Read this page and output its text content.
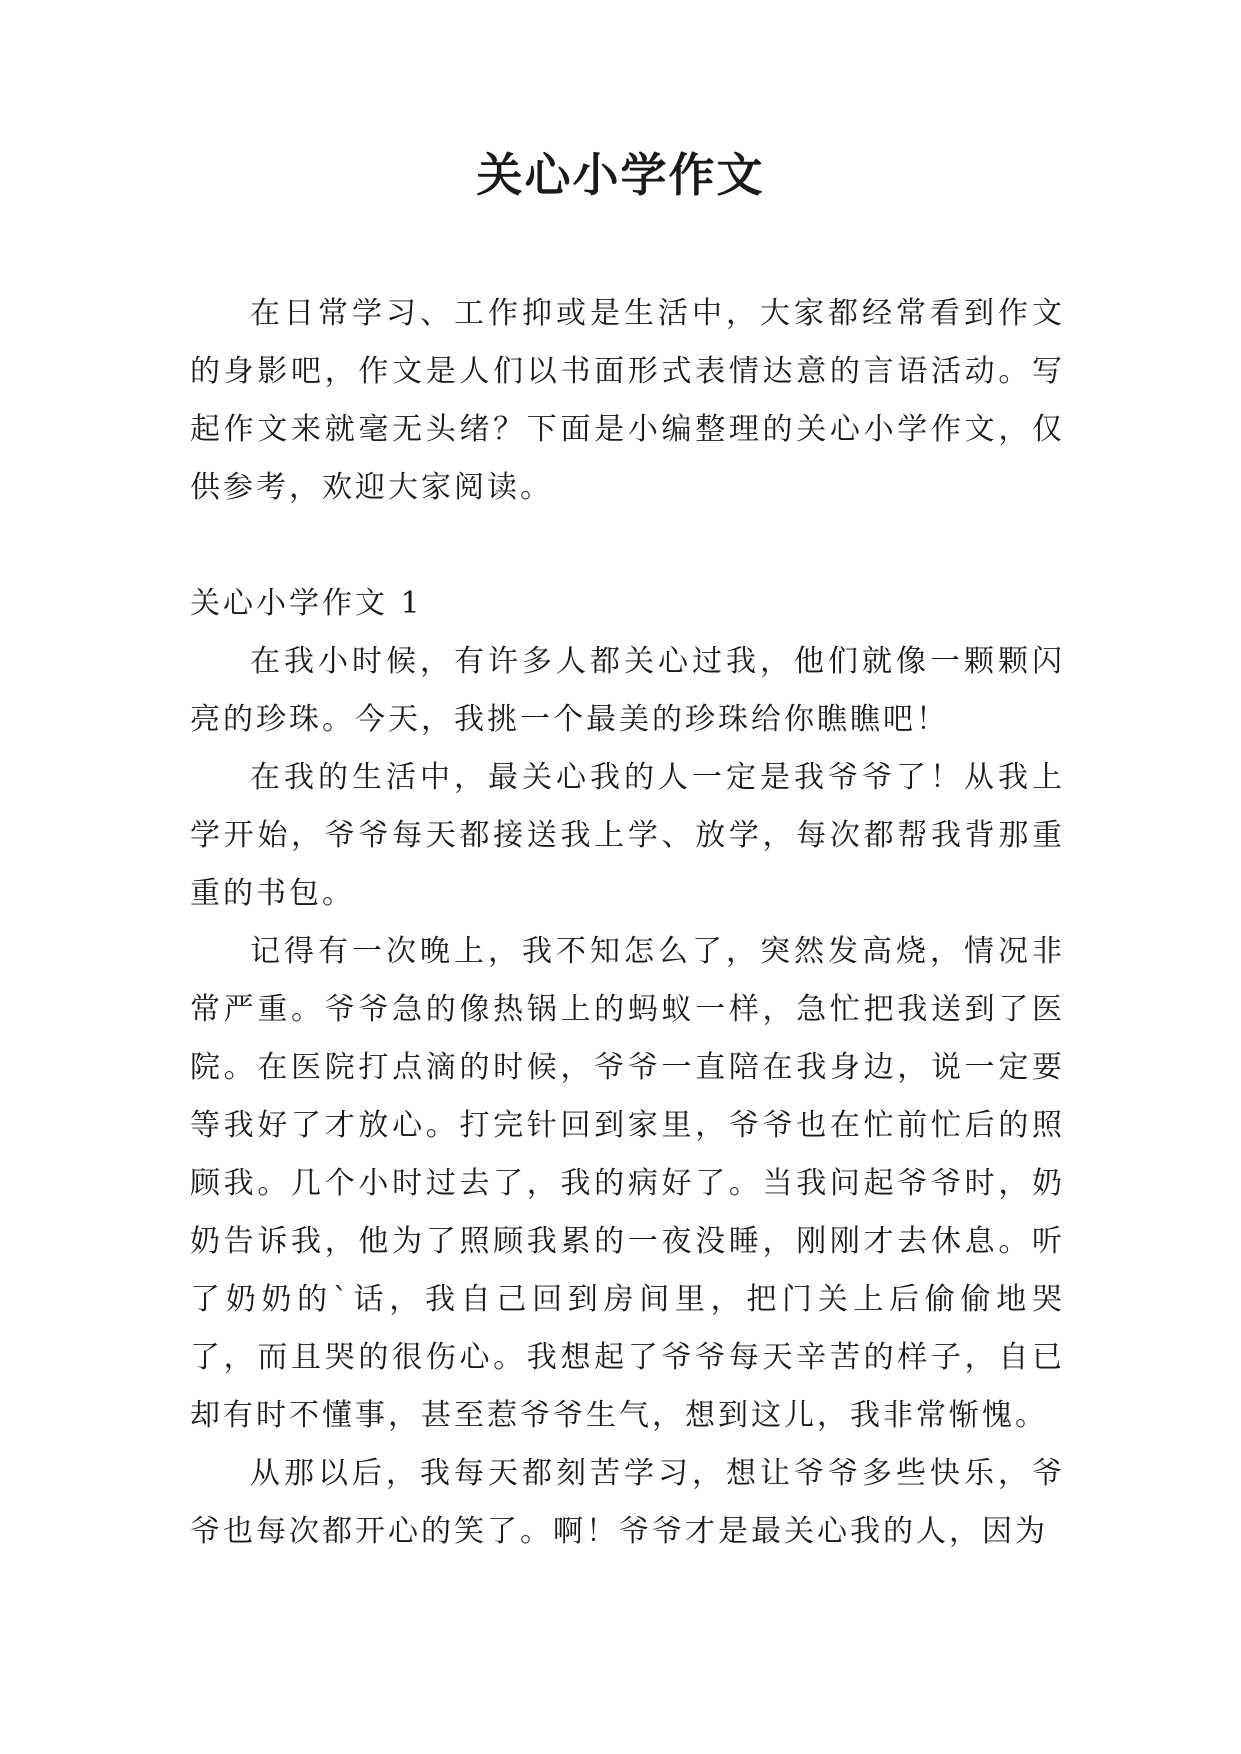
关心小学作文

在日常学习、工作抑或是生活中，大家都经常看到作文的身影吧，作文是人们以书面形式表情达意的言语活动。写起作文来就毫无头绪？下面是小编整理的关心小学作文，仅供参考，欢迎大家阅读。

关心小学作文 1

在我小时候，有许多人都关心过我，他们就像一颗颗闪亮的珍珠。今天，我挑一个最美的珍珠给你瞧瞧吧！

在我的生活中，最关心我的人一定是我爷爷了！从我上学开始，爷爷每天都接送我上学、放学，每次都帮我背那重重的书包。

记得有一次晚上，我不知怎么了，突然发高烧，情况非常严重。爷爷急的像热锅上的蚂蚁一样，急忙把我送到了医院。在医院打点滴的时候，爷爷一直陪在我身边，说一定要等我好了才放心。打完针回到家里，爷爷也在忙前忙后的照顾我。几个小时过去了，我的病好了。当我问起爷爷时，奶奶告诉我，他为了照顾我累的一夜没睡，刚刚才去休息。听了奶奶的`话，我自己回到房间里，把门关上后偷偷地哭了，而且哭的很伤心。我想起了爷爷每天辛苦的样子，自已却有时不懂事，甚至惹爷爷生气，想到这儿，我非常惭愧。

从那以后，我每天都刻苦学习，想让爷爷多些快乐，爷爷也每次都开心的笑了。啊！爷爷才是最关心我的人，因为
